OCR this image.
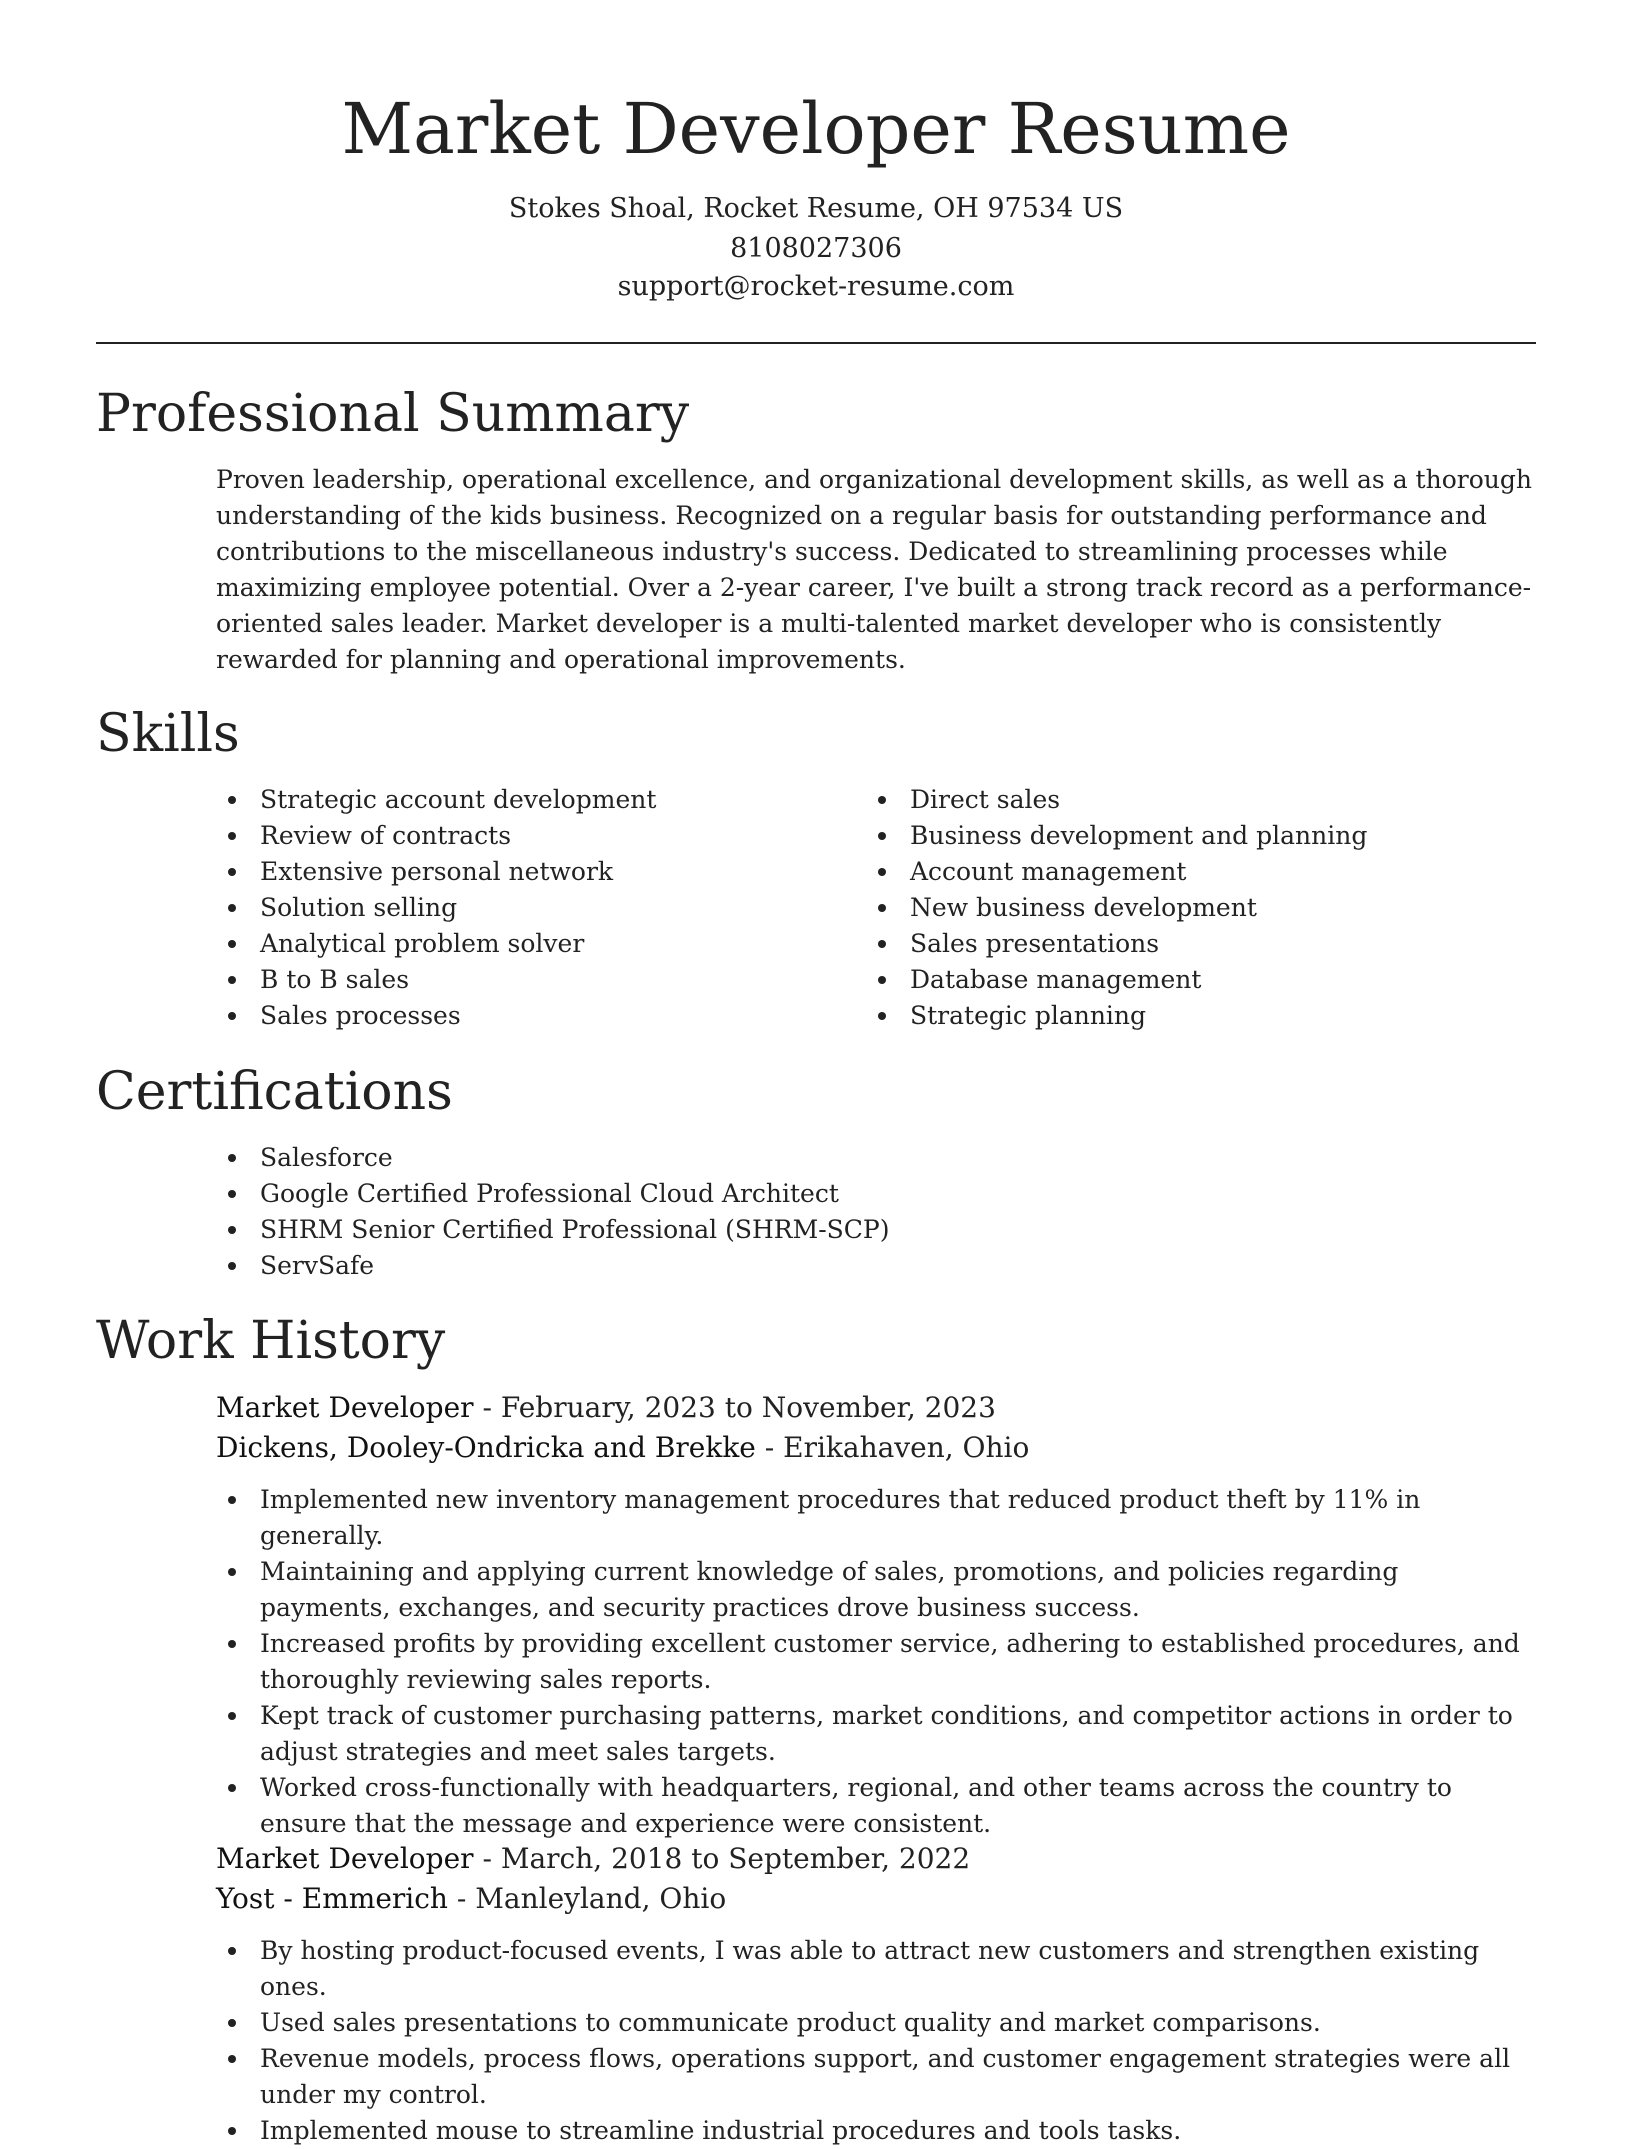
Market Developer Resume
Stokes Shoal, Rocket Resume, OH 97534 US
8108027306
support@rocket-resume.com
Professional Summary

Proven leadership, operational excellence, and organizational development skills, as well as a thorough understanding of the kids business. Recognized on a regular basis for outstanding performance and contributions to the miscellaneous industry's success. Dedicated to streamlining processes while maximizing employee potential. Over a 2-year career, I've built a strong track record as a performance-oriented sales leader. Market developer is a multi-talented market developer who is consistently rewarded for planning and operational improvements.

Skills
Strategic account development
Review of contracts
Extensive personal network
Solution selling
Analytical problem solver
B to B sales
Sales processes
Direct sales
Business development and planning
Account management
New business development
Sales presentations
Database management
Strategic planning
Certifications
Salesforce
Google Certified Professional Cloud Architect
SHRM Senior Certified Professional (SHRM-SCP)
ServSafe
Work History
Market Developer - February, 2023 to November, 2023
Dickens, Dooley-Ondricka and Brekke - Erikahaven, Ohio
Implemented new inventory management procedures that reduced product theft by 11% in generally.
Maintaining and applying current knowledge of sales, promotions, and policies regarding payments, exchanges, and security practices drove business success.
Increased profits by providing excellent customer service, adhering to established procedures, and thoroughly reviewing sales reports.
Kept track of customer purchasing patterns, market conditions, and competitor actions in order to adjust strategies and meet sales targets.
Worked cross-functionally with headquarters, regional, and other teams across the country to ensure that the message and experience were consistent.
Market Developer - March, 2018 to September, 2022
Yost - Emmerich - Manleyland, Ohio
By hosting product-focused events, I was able to attract new customers and strengthen existing ones.
Used sales presentations to communicate product quality and market comparisons.
Revenue models, process flows, operations support, and customer engagement strategies were all under my control.
Implemented mouse to streamline industrial procedures and tools tasks.
